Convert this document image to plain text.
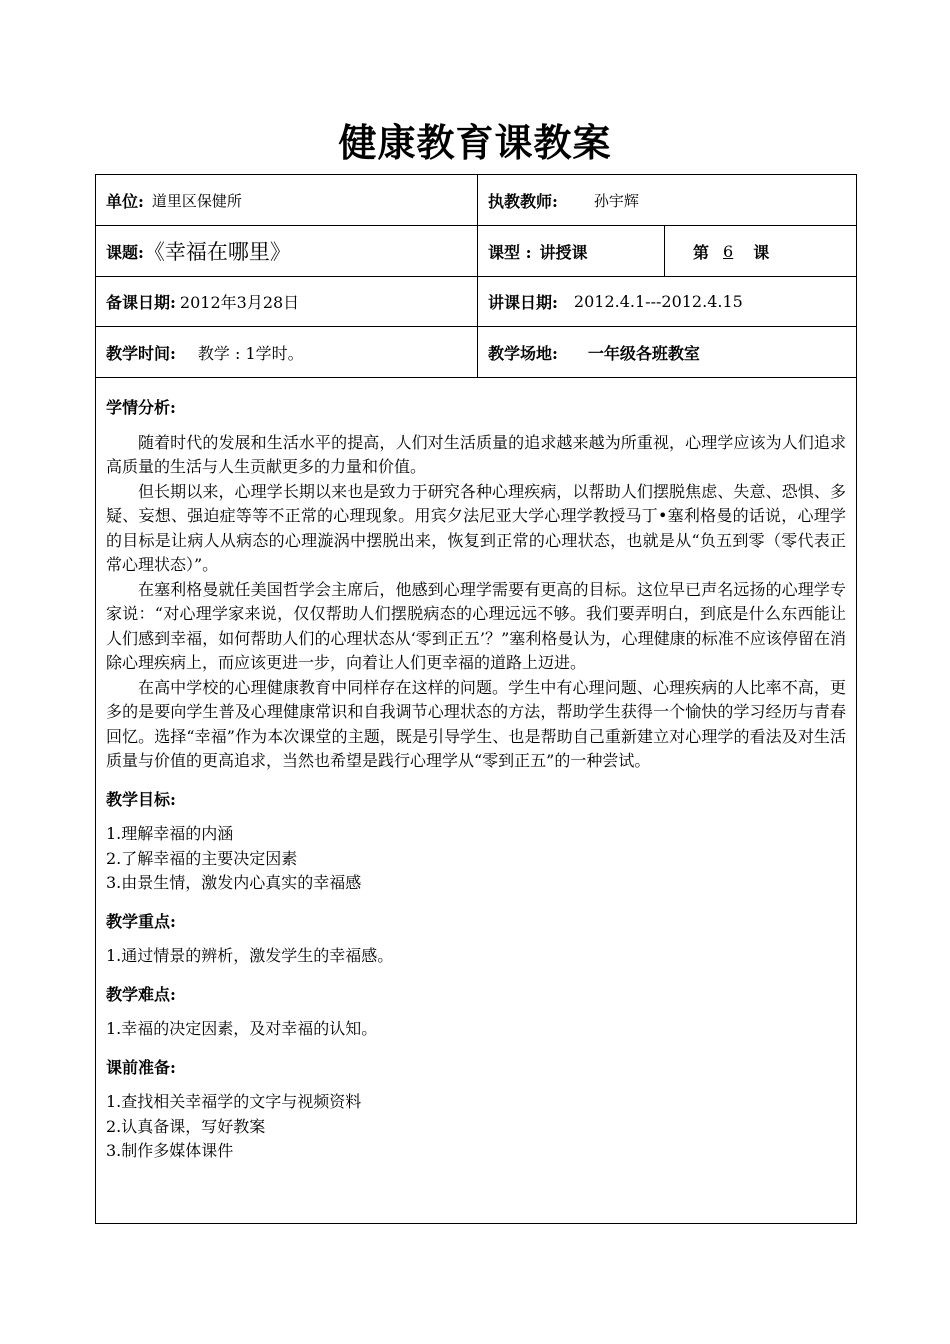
健康教育课教案
单位: 道里区保健所	执教教师: 孙宇辉
课题: 《幸福在哪里》	课型 : 讲授课	第 6	课
备课日期: 2012年3月28日	讲课日期: 2012.4.1---2012.4.15
教学时间: 教学 : 1学时。	教学场地: 一年级各班教室
学情分析:

随着时代的发展和生活水平的提高，人们对生活质量的追求越来越为所重视，心理学应该为人们追求高质量的生活与人生贡献更多的力量和价值。

但长期以来，心理学长期以来也是致力于研究各种心理疾病，以帮助人们摆脱焦虑、失意、恐惧、多疑、妄想、强迫症等等不正常的心理现象。用宾夕法尼亚大学心理学教授马丁•塞利格曼的话说，心理学的目标是让病人从病态的心理漩涡中摆脱出来，恢复到正常的心理状态，也就是从“负五到零（零代表正常心理状态）”。

在塞利格曼就任美国哲学会主席后，他感到心理学需要有更高的目标。这位早已声名远扬的心理学专家说：“对心理学家来说，仅仅帮助人们摆脱病态的心理远远不够。我们要弄明白，到底是什么东西能让人们感到幸福，如何帮助人们的心理状态从‘零到正五’？”塞利格曼认为，心理健康的标准不应该停留在消除心理疾病上，而应该更进一步，向着让人们更幸福的道路上迈进。

在高中学校的心理健康教育中同样存在这样的问题。学生中有心理问题、心理疾病的人比率不高，更多的是要向学生普及心理健康常识和自我调节心理状态的方法，帮助学生获得一个愉快的学习经历与青春回忆。选择“幸福”作为本次课堂的主题，既是引导学生、也是帮助自己重新建立对心理学的看法及对生活质量与价值的更高追求，当然也希望是践行心理学从“零到正五”的一种尝试。

教学目标:

1.理解幸福的内涵

2.了解幸福的主要决定因素

3.由景生情，激发内心真实的幸福感

教学重点:

1.通过情景的辨析，激发学生的幸福感。

教学难点:

1.幸福的决定因素，及对幸福的认知。

课前准备:

1.查找相关幸福学的文字与视频资料

2.认真备课，写好教案

3.制作多媒体课件
